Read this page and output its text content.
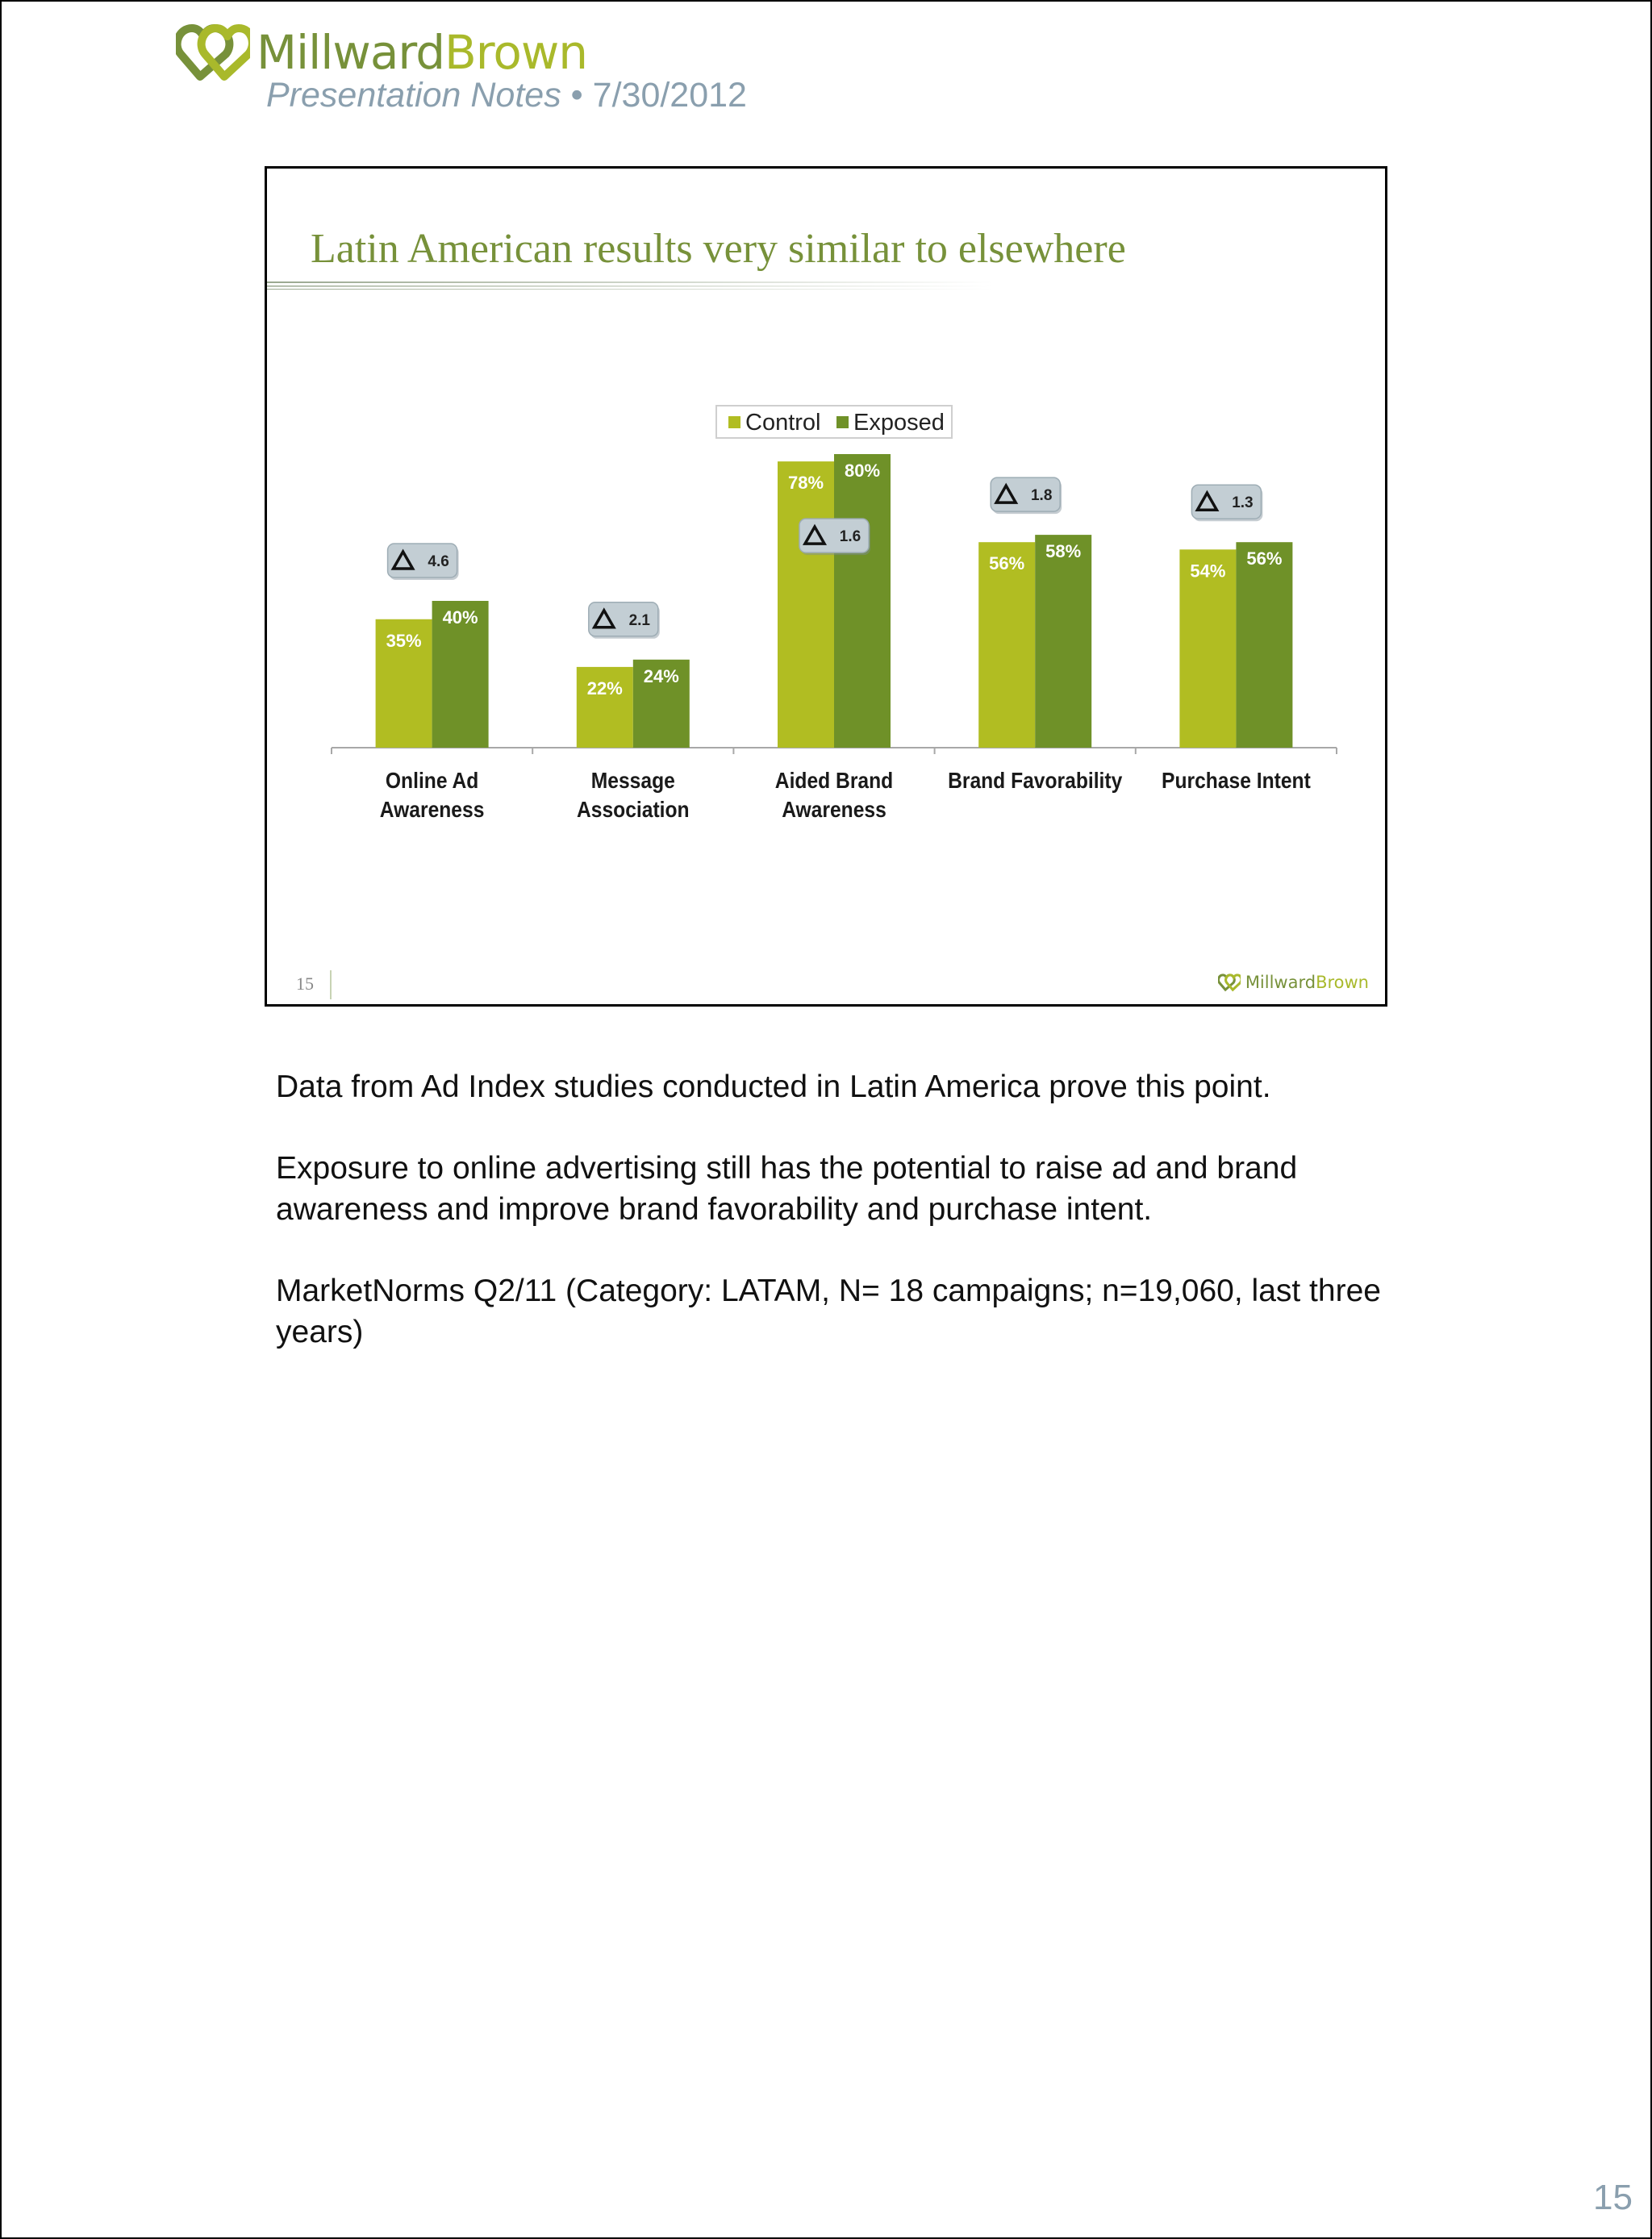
MillwardBrown
Presentation Notes • 7/30/2012
Latin American results very similar to elsewhere
Control Exposed
35%
40%
4.6
Online Ad
Awareness
22%
24%
2.1
Message
Association
78%
80%
1.6
Aided Brand
Awareness
56%
58%
1.8
Brand Favorability
54%
56%
1.3
Purchase Intent
15	Millward Brown

Data from Ad Index studies conducted in Latin America prove this point.

Exposure to online advertising still has the potential to raise ad and brand awareness and improve brand favorability and purchase intent.

MarketNorms Q2/11 (Category: LATAM, N= 18 campaigns; n=19,060, last three years)

15
